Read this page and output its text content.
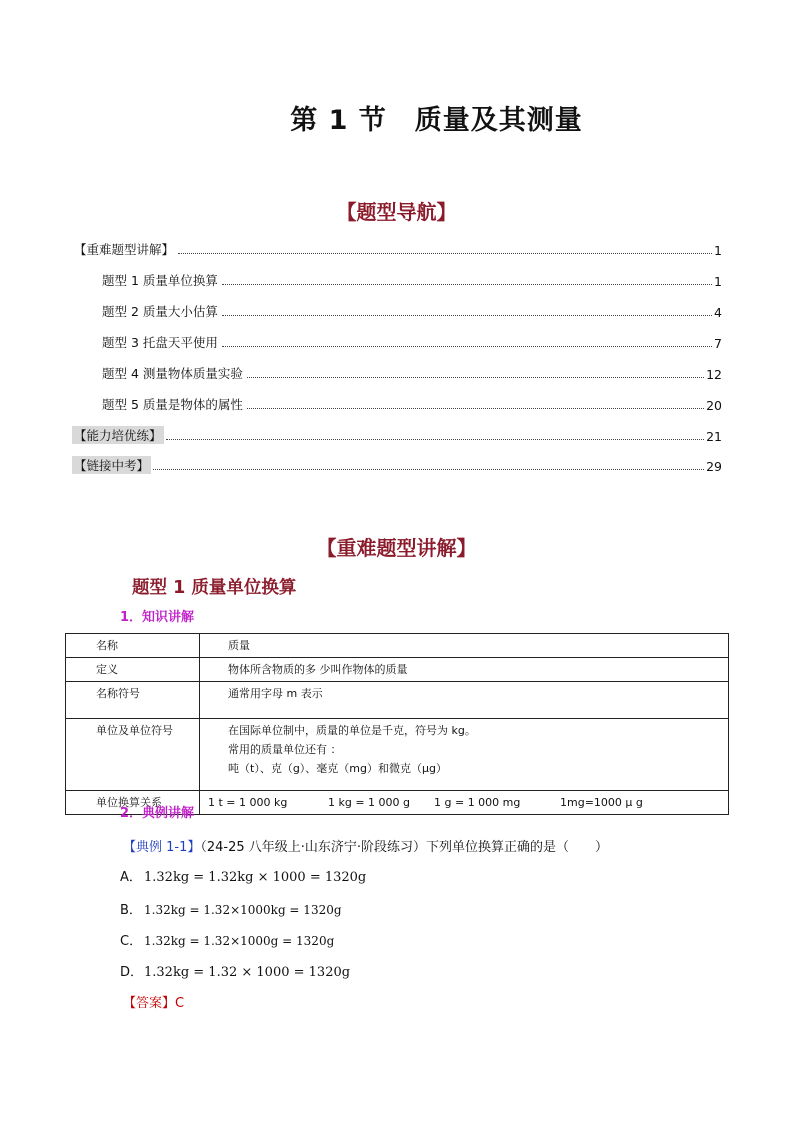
第 1 节　质量及其测量
【题型导航】
【重难题型讲解】	1
题型 1 质量单位换算	1
题型 2 质量大小估算	4
题型 3 托盘天平使用	7
题型 4 测量物体质量实验	12
题型 5 质量是物体的属性	20
【能力培优练】	21
【链接中考】	29
【重难题型讲解】
题型 1 质量单位换算
1．知识讲解
名称	质量
定义	物体所含物质的多 少叫作物体的质量
名称符号	通常用字母 m 表示
单位及单位符号	在国际单位制中，质量的单位是千克，符号为 kg。
常用的质量单位还有 ：
吨（t）、克（g）、毫克（mg）和微克（μg）

单位换算关系	1 t = 1 000 kg 1 kg = 1 000 g 1 g = 1 000 mg 1mg=1000 μ g
2．典例讲解
【典例 1-1】（24-25 八年级上·山东济宁·阶段练习）下列单位换算正确的是（　　）
A． 1.32kg = 1.32kg × 1000 = 1320g
B． 1.32kg = 1.32×1000kg = 1320g
C． 1.32kg = 1.32×1000g = 1320g
D．1.32kg = 1.32 × 1000 = 1320g
【答案】C
